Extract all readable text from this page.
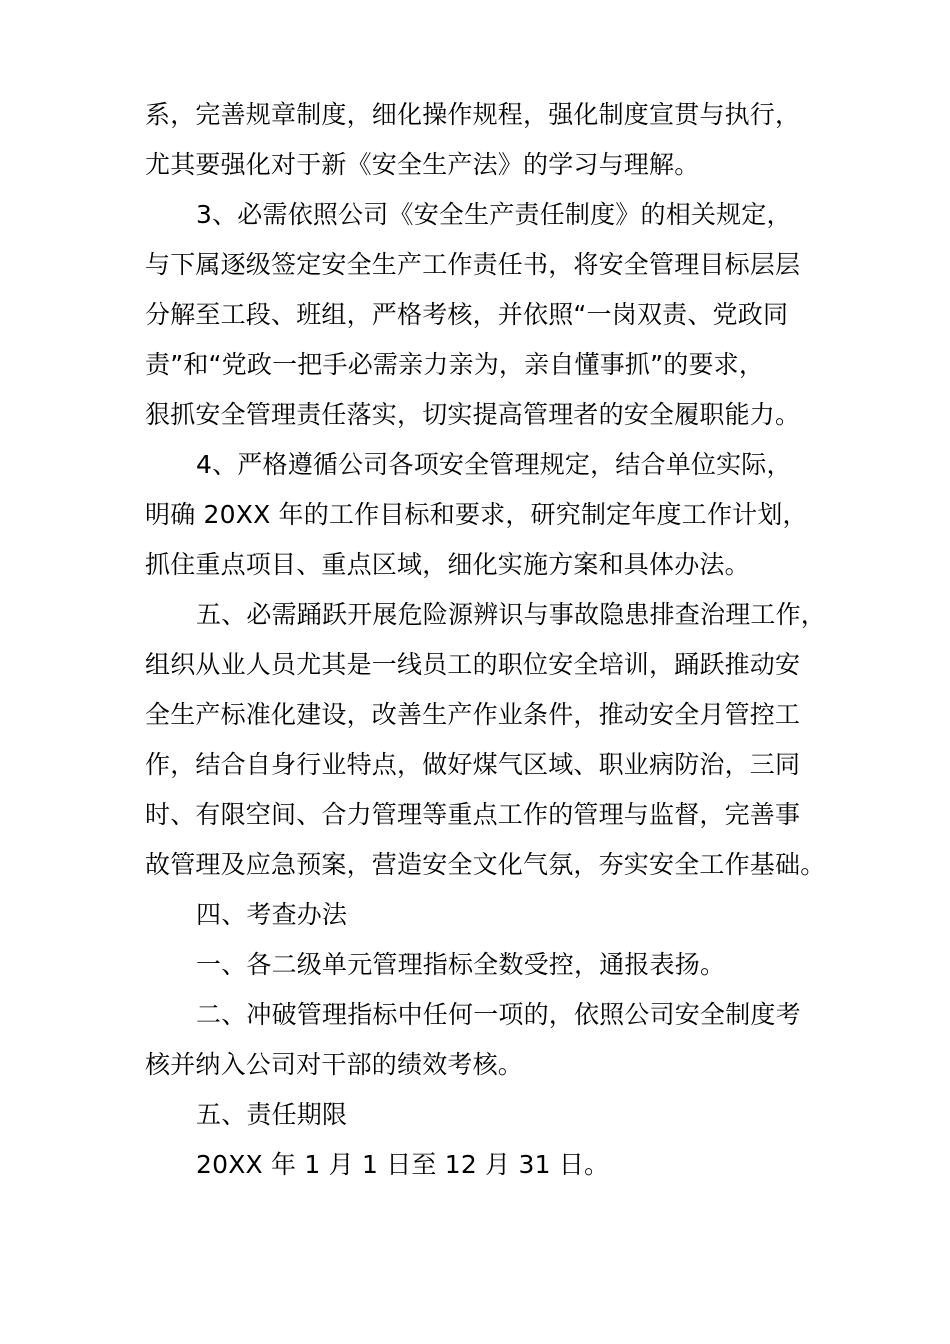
系，完善规章制度，细化操作规程，强化制度宣贯与执行，
尤其要强化对于新《安全生产法》的学习与理解。
3、必需依照公司《安全生产责任制度》的相关规定，
与下属逐级签定安全生产工作责任书，将安全管理目标层层
分解至工段、班组，严格考核，并依照“一岗双责、党政同
责”和“党政一把手必需亲力亲为，亲自懂事抓”的要求，
狠抓安全管理责任落实，切实提高管理者的安全履职能力。
4、严格遵循公司各项安全管理规定，结合单位实际，
明确 20XX 年的工作目标和要求，研究制定年度工作计划，
抓住重点项目、重点区域，细化实施方案和具体办法。
五、必需踊跃开展危险源辨识与事故隐患排查治理工作，
组织从业人员尤其是一线员工的职位安全培训，踊跃推动安
全生产标准化建设，改善生产作业条件，推动安全月管控工
作，结合自身行业特点，做好煤气区域、职业病防治，三同
时、有限空间、合力管理等重点工作的管理与监督，完善事
故管理及应急预案，营造安全文化气氛，夯实安全工作基础。
四、考查办法
一、各二级单元管理指标全数受控，通报表扬。
二、冲破管理指标中任何一项的，依照公司安全制度考
核并纳入公司对干部的绩效考核。
五、责任期限
20XX 年 1 月 1 日至 12 月 31 日。
